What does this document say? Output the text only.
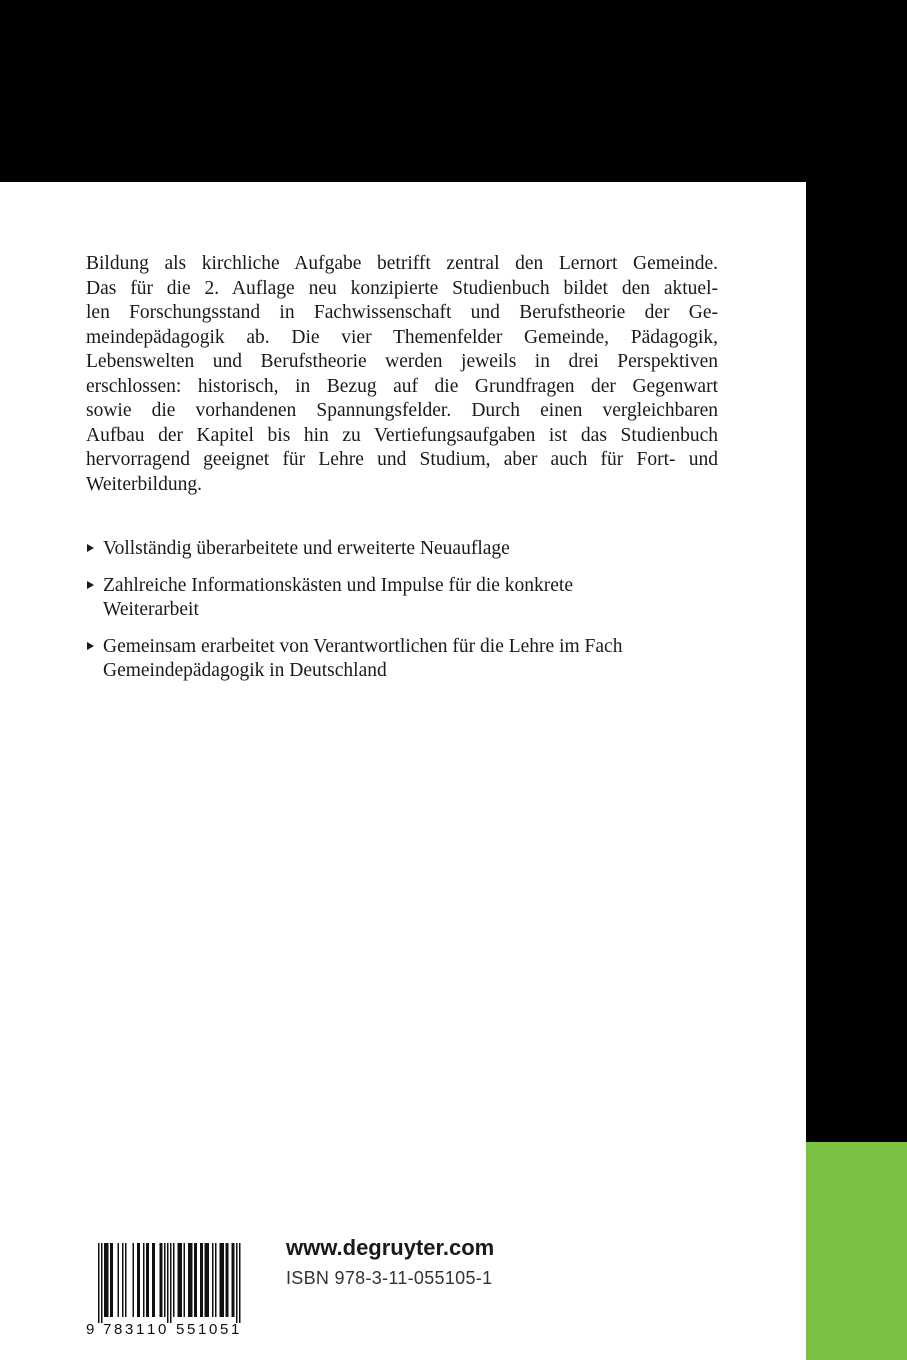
Bildung als kirchliche Aufgabe betrifft zentral den Lernort Gemeinde.
Das für die 2. Auflage neu konzipierte Studienbuch bildet den aktuel-
len Forschungsstand in Fachwissenschaft und Berufstheorie der Ge-
meindepädagogik ab. Die vier Themenfelder Gemeinde, Pädagogik,
Lebenswelten und Berufstheorie werden jeweils in drei Perspektiven
erschlossen: historisch, in Bezug auf die Grundfragen der Gegenwart
sowie die vorhandenen Spannungsfelder. Durch einen vergleichbaren
Aufbau der Kapitel bis hin zu Vertiefungsaufgaben ist das Studienbuch
hervorragend geeignet für Lehre und Studium, aber auch für Fort- und
Weiterbildung.

Vollständig überarbeitete und erweiterte Neuauflage
Zahlreiche Informationskästen und Impulse für die konkrete
Weiterarbeit
Gemeinsam erarbeitet von Verantwortlichen für die Lehre im Fach
Gemeindepädagogik in Deutschland
9 7 8 3 1 1 0 5 5 1 0 5 1
www.degruyter.com
ISBN 978-3-11-055105-1
